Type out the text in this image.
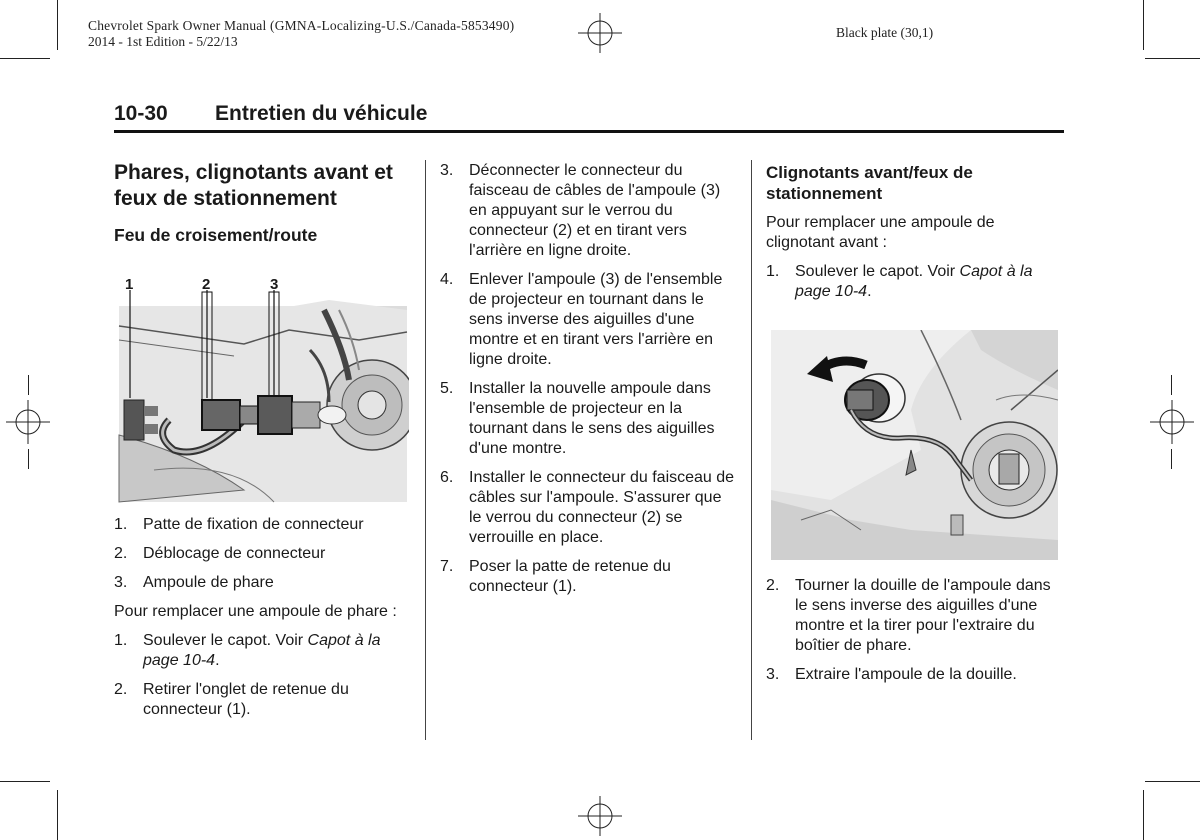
Chevrolet Spark Owner Manual (GMNA-Localizing-U.S./Canada-5853490)
2014 - 1st Edition - 5/22/13
Black plate (30,1)
10-30 Entretien du véhicule
Phares, clignotants avant et feux de stationnement
Feu de croisement/route
1	2	3
1. Patte de fixation de connecteur
2. Déblocage de connecteur
3. Ampoule de phare

Pour remplacer une ampoule de phare :

1. Soulever le capot. Voir Capot à la page 10‑4.
2. Retirer l'onglet de retenue du connecteur (1).
3. Déconnecter le connecteur du faisceau de câbles de l'ampoule (3) en appuyant sur le verrou du connecteur (2) et en tirant vers l'arrière en ligne droite.
4. Enlever l'ampoule (3) de l'ensemble de projecteur en tournant dans le sens inverse des aiguilles d'une montre et en tirant vers l'arrière en ligne droite.
5. Installer la nouvelle ampoule dans l'ensemble de projecteur en la tournant dans le sens des aiguilles d'une montre.
6. Installer le connecteur du faisceau de câbles sur l'ampoule. S'assurer que le verrou du connecteur (2) se verrouille en place.
7. Poser la patte de retenue du connecteur (1).
Clignotants avant/feux de stationnement

Pour remplacer une ampoule de clignotant avant :

1. Soulever le capot. Voir Capot à la page 10‑4.
2. Tourner la douille de l'ampoule dans le sens inverse des aiguilles d'une montre et la tirer pour l'extraire du boîtier de phare.
3. Extraire l'ampoule de la douille.
